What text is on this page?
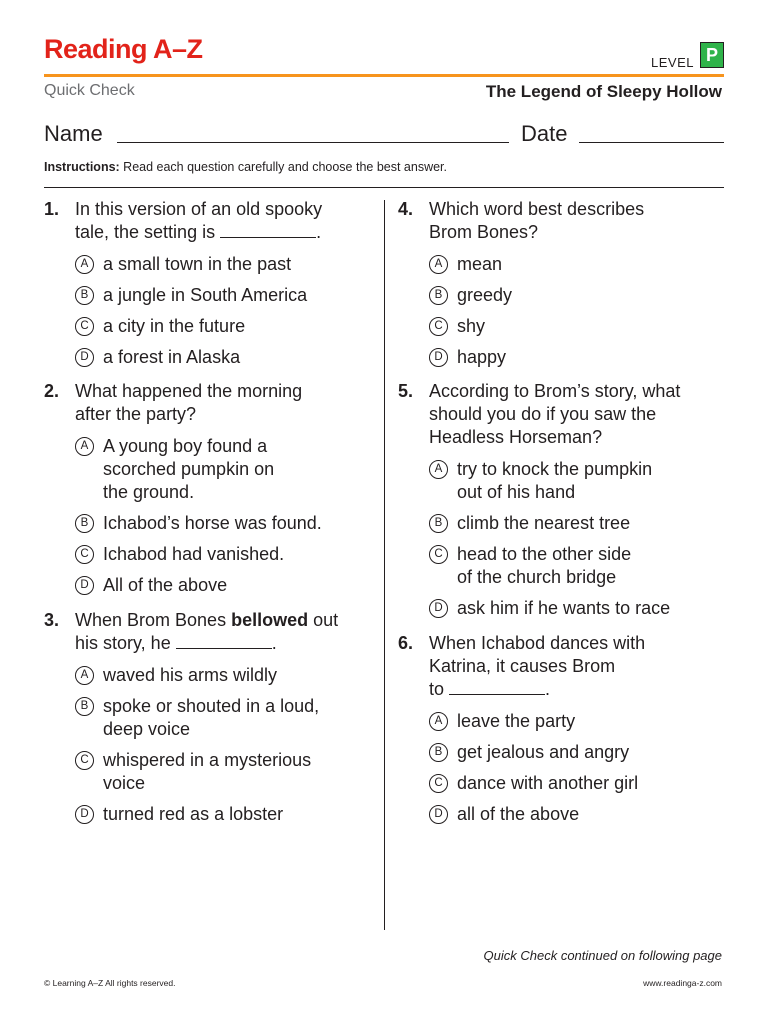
Reading A–Z	LEVEL P
Quick Check	The Legend of Sleepy Hollow
Name	Date
Instructions: Read each question carefully and choose the best answer.
1. In this version of an old spooky
tale, the setting is	.
A a small town in the past
B a jungle in South America
C a city in the future
D a forest in Alaska
2. What happened the morning
after the party?
A A young boy found a
scorched pumpkin on
the ground.
B Ichabod’s horse was found.
C Ichabod had vanished.
D All of the above
3. When Brom Bones bellowed out
his story, he	.
A waved his arms wildly
B spoke or shouted in a loud,
deep voice
C whispered in a mysterious
voice
D turned red as a lobster
4. Which word best describes
Brom Bones?
A mean
B greedy
C shy
D happy
5. According to Brom’s story, what
should you do if you saw the
Headless Horseman?
A try to knock the pumpkin
out of his hand
B climb the nearest tree
C head to the other side
of the church bridge
D ask him if he wants to race
6. When Ichabod dances with
Katrina, it causes Brom
to	.
A leave the party
B get jealous and angry
C dance with another girl
D all of the above
Quick Check continued on following page
© Learning A–Z All rights reserved.	www.readinga-z.com
